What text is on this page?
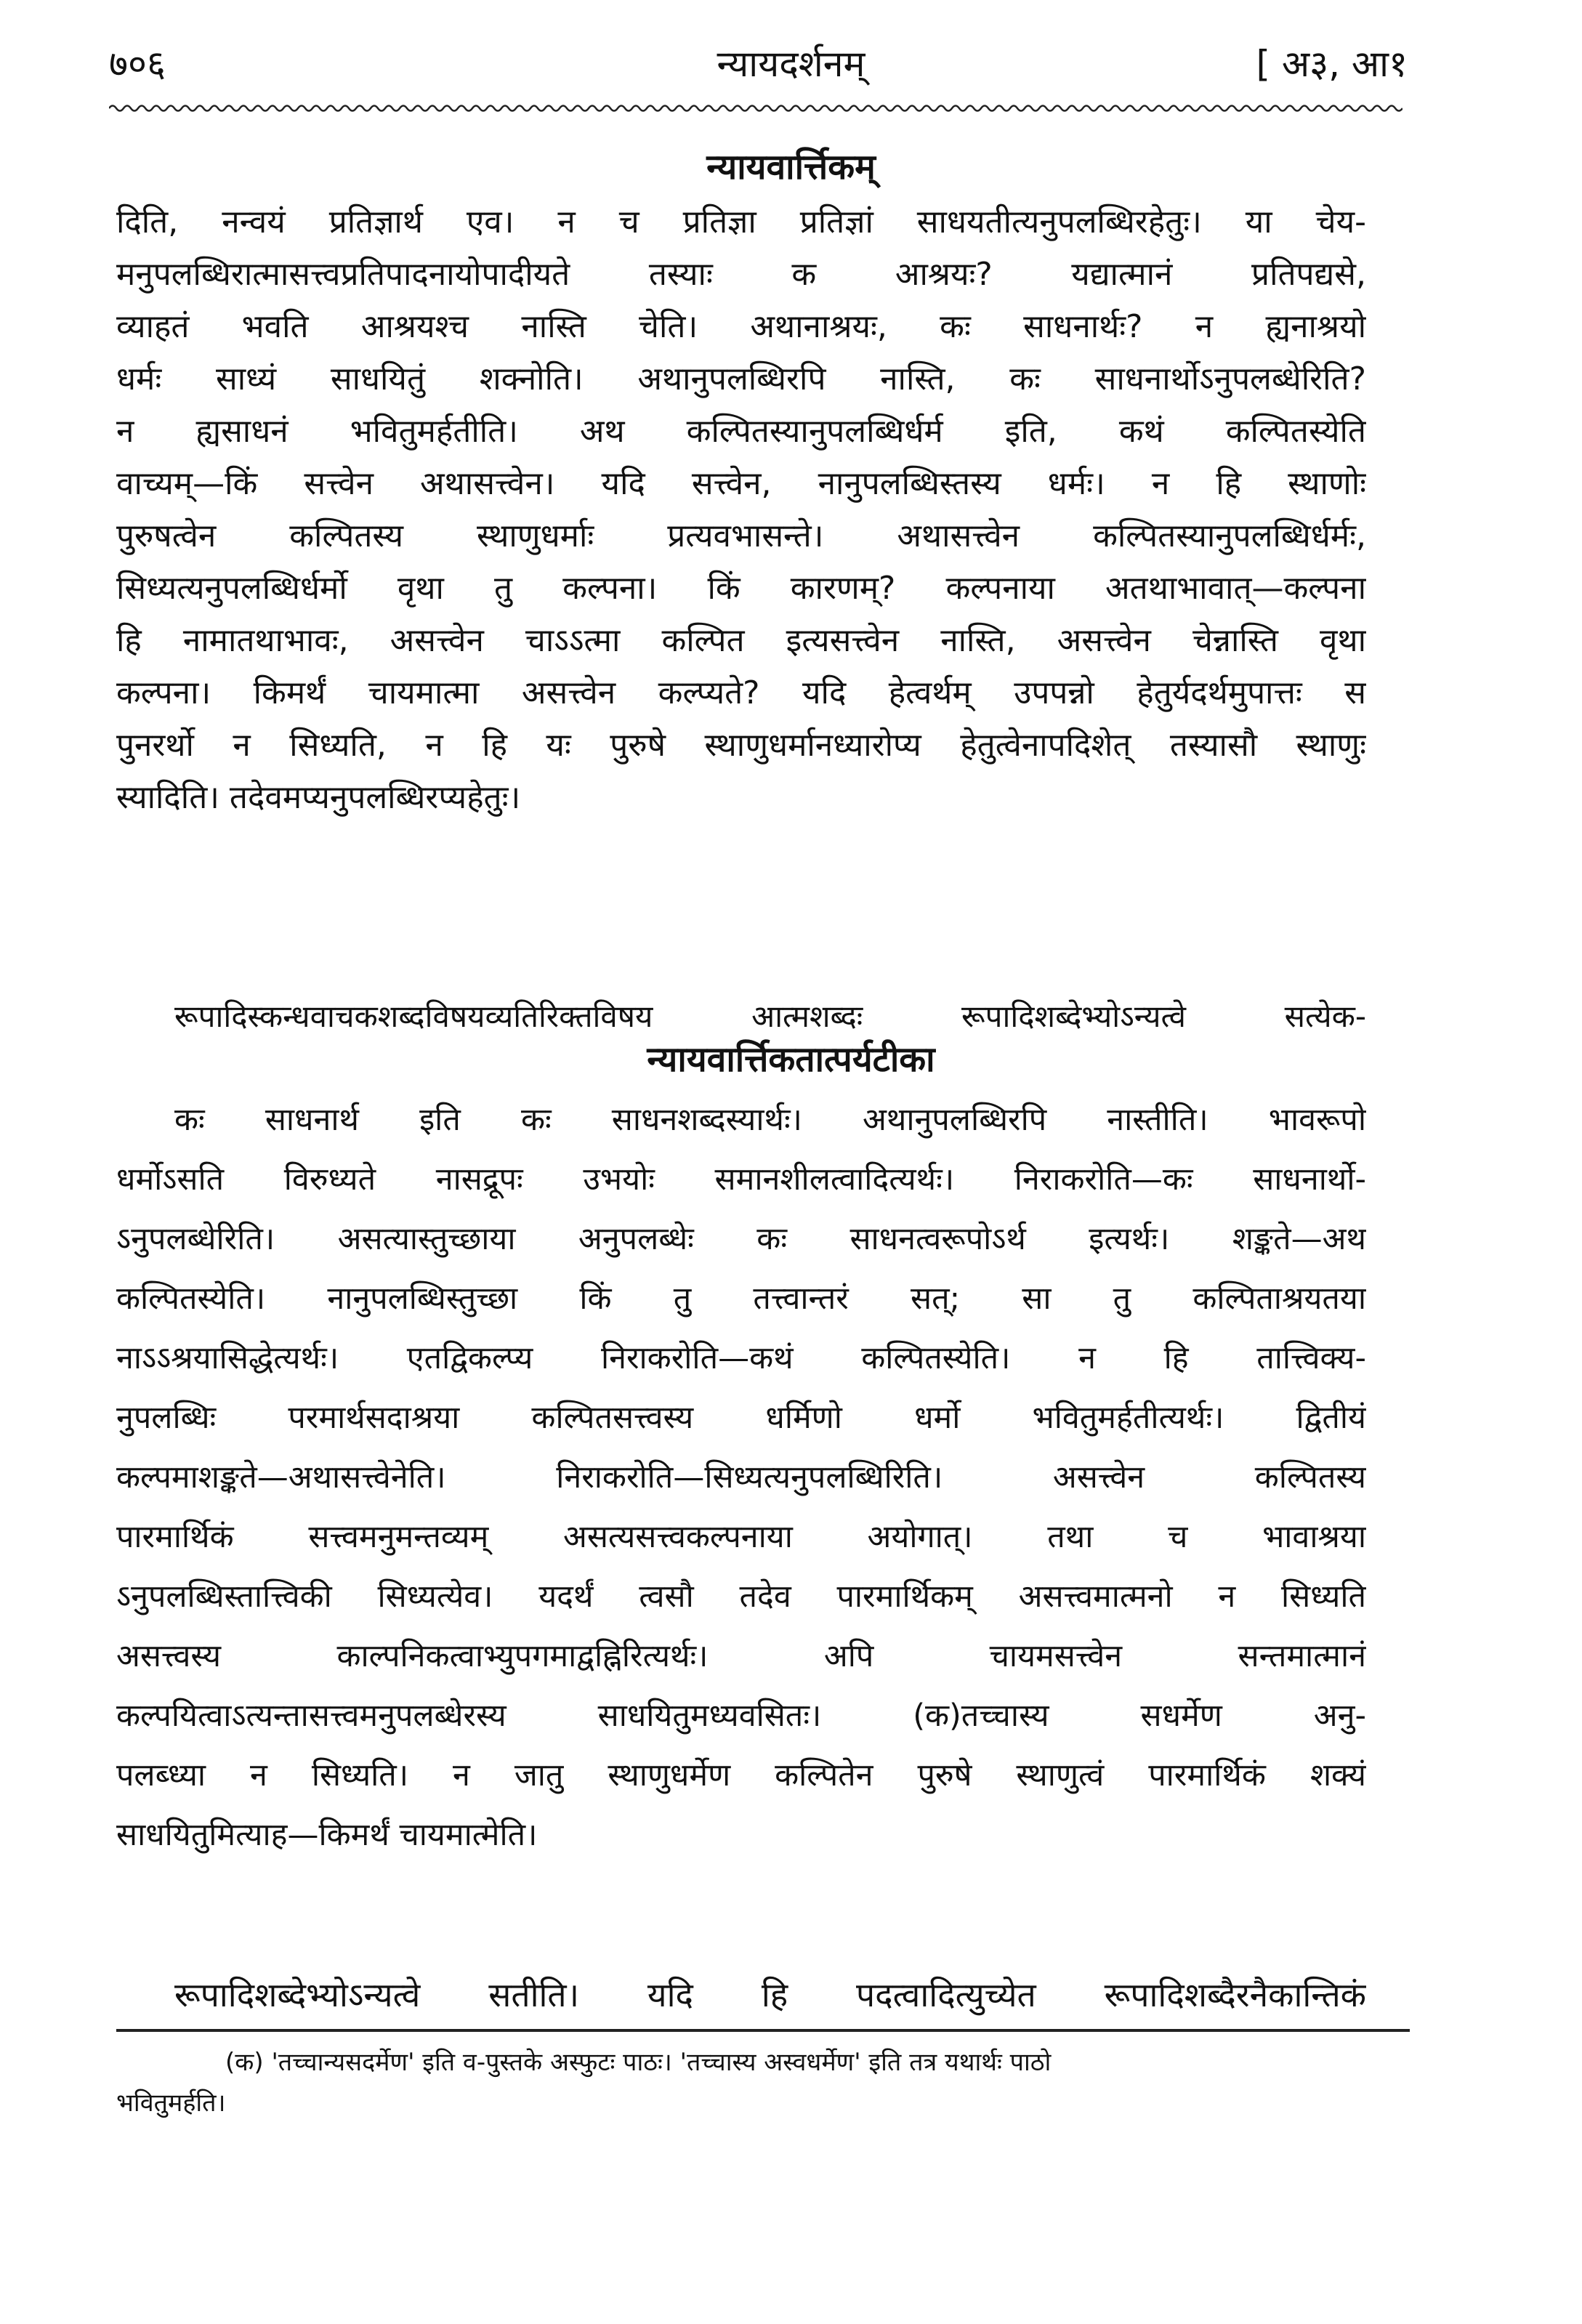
७०६	न्यायदर्शनम्	[ अ३, आ१
न्यायवार्त्तिकम्

दिति, नन्वयं प्रतिज्ञार्थ एव। न च प्रतिज्ञा प्रतिज्ञां साधयतीत्यनुपलब्धिरहेतुः। या चेय-

मनुपलब्धिरात्मासत्त्वप्रतिपादनायोपादीयते तस्याः क आश्रयः? यद्यात्मानं प्रतिपद्यसे,

व्याहतं भवति आश्रयश्च नास्ति चेति। अथानाश्रयः, कः साधनार्थः? न ह्यनाश्रयो

धर्मः साध्यं साधयितुं शक्नोति। अथानुपलब्धिरपि नास्ति, कः साधनार्थोऽनुपलब्धेरिति?

न ह्यसाधनं भवितुमर्हतीति। अथ कल्पितस्यानुपलब्धिर्धर्म इति, कथं कल्पितस्येति

वाच्यम्—किं सत्त्वेन अथासत्त्वेन। यदि सत्त्वेन, नानुपलब्धिस्तस्य धर्मः। न हि स्थाणोः

पुरुषत्वेन कल्पितस्य स्थाणुधर्माः प्रत्यवभासन्ते। अथासत्त्वेन कल्पितस्यानुपलब्धिर्धर्मः,

सिध्यत्यनुपलब्धिर्धर्मो वृथा तु कल्पना। किं कारणम्? कल्पनाया अतथाभावात्—कल्पना

हि नामातथाभावः, असत्त्वेन चाऽऽत्मा कल्पित इत्यसत्त्वेन नास्ति, असत्त्वेन चेन्नास्ति वृथा

कल्पना। किमर्थं चायमात्मा असत्त्वेन कल्प्यते? यदि हेत्वर्थम् उपपन्नो हेतुर्यदर्थमुपात्तः स

पुनरर्थो न सिध्यति, न हि यः पुरुषे स्थाणुधर्मानध्यारोप्य हेतुत्वेनापदिशेत् तस्यासौ स्थाणुः

स्यादिति। तदेवमप्यनुपलब्धिरप्यहेतुः।

रूपादिस्कन्धवाचकशब्दविषयव्यतिरिक्तविषय आत्मशब्दः रूपादिशब्देभ्योऽन्यत्वे सत्येक-

न्यायवार्त्तिकतात्पर्यटीका

कः साधनार्थ इति कः साधनशब्दस्यार्थः। अथानुपलब्धिरपि नास्तीति। भावरूपो

धर्मोऽसति विरुध्यते नासद्रूपः उभयोः समानशीलत्वादित्यर्थः। निराकरोति—कः साधनार्थो-

ऽनुपलब्धेरिति। असत्यास्तुच्छाया अनुपलब्धेः कः साधनत्वरूपोऽर्थ इत्यर्थः। शङ्कते—अथ

कल्पितस्येति। नानुपलब्धिस्तुच्छा किं तु तत्त्वान्तरं सत्; सा तु कल्पिताश्रयतया

नाऽऽश्रयासिद्धेत्यर्थः। एतद्विकल्प्य निराकरोति—कथं कल्पितस्येति। न हि तात्त्विक्य-

नुपलब्धिः परमार्थसदाश्रया कल्पितसत्त्वस्य धर्मिणो धर्मो भवितुमर्हतीत्यर्थः। द्वितीयं

कल्पमाशङ्कते—अथासत्त्वेनेति। निराकरोति—सिध्यत्यनुपलब्धिरिति। असत्त्वेन कल्पितस्य

पारमार्थिकं सत्त्वमनुमन्तव्यम् असत्यसत्त्वकल्पनाया अयोगात्। तथा च भावाश्रया

ऽनुपलब्धिस्तात्त्विकी सिध्यत्येव। यदर्थं त्वसौ तदेव पारमार्थिकम् असत्त्वमात्मनो न सिध्यति

असत्त्वस्य काल्पनिकत्वाभ्युपगमाद्वह्निरित्यर्थः। अपि चायमसत्त्वेन सन्तमात्मानं

कल्पयित्वाऽत्यन्तासत्त्वमनुपलब्धेरस्य साधयितुमध्यवसितः। (क)तच्चास्य सधर्मेण अनु-

पलब्ध्या न सिध्यति। न जातु स्थाणुधर्मेण कल्पितेन पुरुषे स्थाणुत्वं पारमार्थिकं शक्यं

साधयितुमित्याह—किमर्थं चायमात्मेति।

रूपादिशब्देभ्योऽन्यत्वे सतीति। यदि हि पदत्वादित्युच्येत रूपादिशब्दैरनैकान्तिकं

(क) 'तच्चान्यसदर्मेण' इति व-पुस्तके अस्फुटः पाठः। 'तच्चास्य अस्वधर्मेण' इति तत्र यथार्थः पाठो
भवितुमर्हति।
